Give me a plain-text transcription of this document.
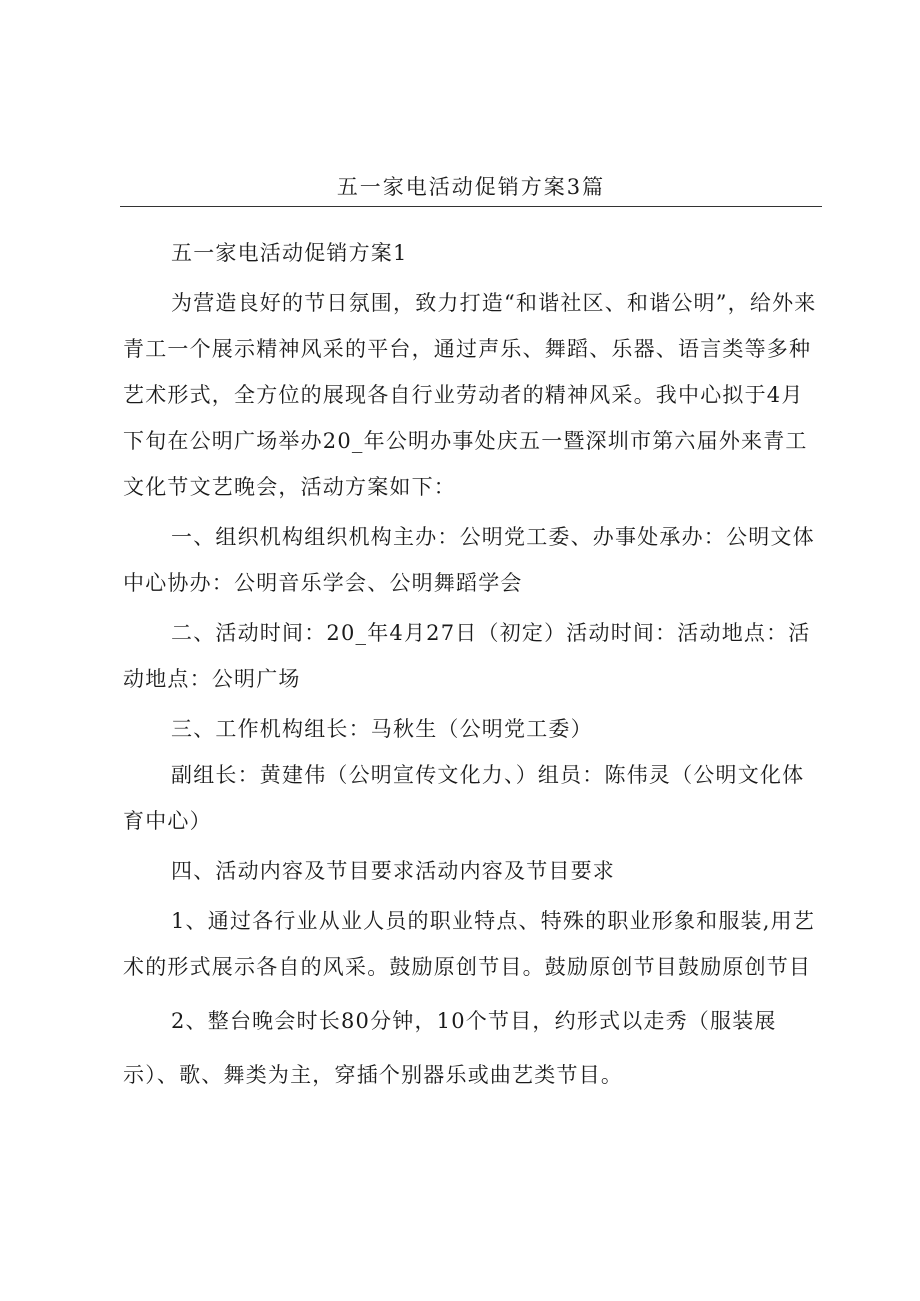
五一家电活动促销方案3篇

五一家电活动促销方案1

为营造良好的节日氛围，致力打造“和谐社区、和谐公明”，给外来青工一个展示精神风采的平台，通过声乐、舞蹈、乐器、语言类等多种艺术形式，全方位的展现各自行业劳动者的精神风采。我中心拟于4月下旬在公明广场举办20_年公明办事处庆五一暨深圳市第六届外来青工文化节文艺晚会，活动方案如下：

一、组织机构组织机构主办：公明党工委、办事处承办：公明文体中心协办：公明音乐学会、公明舞蹈学会

二、活动时间：20_年4月27日（初定）活动时间：活动地点：活动地点：公明广场

三、工作机构组长：马秋生（公明党工委）

副组长：黄建伟（公明宣传文化力、）组员：陈伟灵（公明文化体育中心）

四、活动内容及节目要求活动内容及节目要求

1、通过各行业从业人员的职业特点、特殊的职业形象和服装,用艺术的形式展示各自的风采。鼓励原创节目。鼓励原创节目鼓励原创节目

2、整台晚会时长80分钟，10个节目，约形式以走秀（服装展示）、歌、舞类为主，穿插个别器乐或曲艺类节目。
